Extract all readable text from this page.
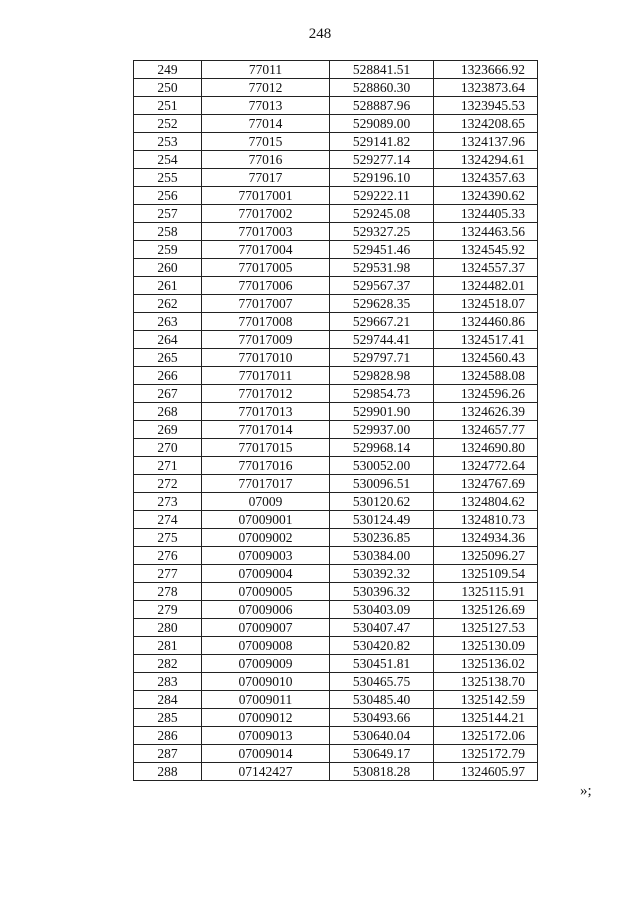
248
249	77011	528841.51	1323666.92
250	77012	528860.30	1323873.64
251	77013	528887.96	1323945.53
252	77014	529089.00	1324208.65
253	77015	529141.82	1324137.96
254	77016	529277.14	1324294.61
255	77017	529196.10	1324357.63
256	77017001	529222.11	1324390.62
257	77017002	529245.08	1324405.33
258	77017003	529327.25	1324463.56
259	77017004	529451.46	1324545.92
260	77017005	529531.98	1324557.37
261	77017006	529567.37	1324482.01
262	77017007	529628.35	1324518.07
263	77017008	529667.21	1324460.86
264	77017009	529744.41	1324517.41
265	77017010	529797.71	1324560.43
266	77017011	529828.98	1324588.08
267	77017012	529854.73	1324596.26
268	77017013	529901.90	1324626.39
269	77017014	529937.00	1324657.77
270	77017015	529968.14	1324690.80
271	77017016	530052.00	1324772.64
272	77017017	530096.51	1324767.69
273	07009	530120.62	1324804.62
274	07009001	530124.49	1324810.73
275	07009002	530236.85	1324934.36
276	07009003	530384.00	1325096.27
277	07009004	530392.32	1325109.54
278	07009005	530396.32	1325115.91
279	07009006	530403.09	1325126.69
280	07009007	530407.47	1325127.53
281	07009008	530420.82	1325130.09
282	07009009	530451.81	1325136.02
283	07009010	530465.75	1325138.70
284	07009011	530485.40	1325142.59
285	07009012	530493.66	1325144.21
286	07009013	530640.04	1325172.06
287	07009014	530649.17	1325172.79
288	07142427	530818.28	1324605.97
»;
